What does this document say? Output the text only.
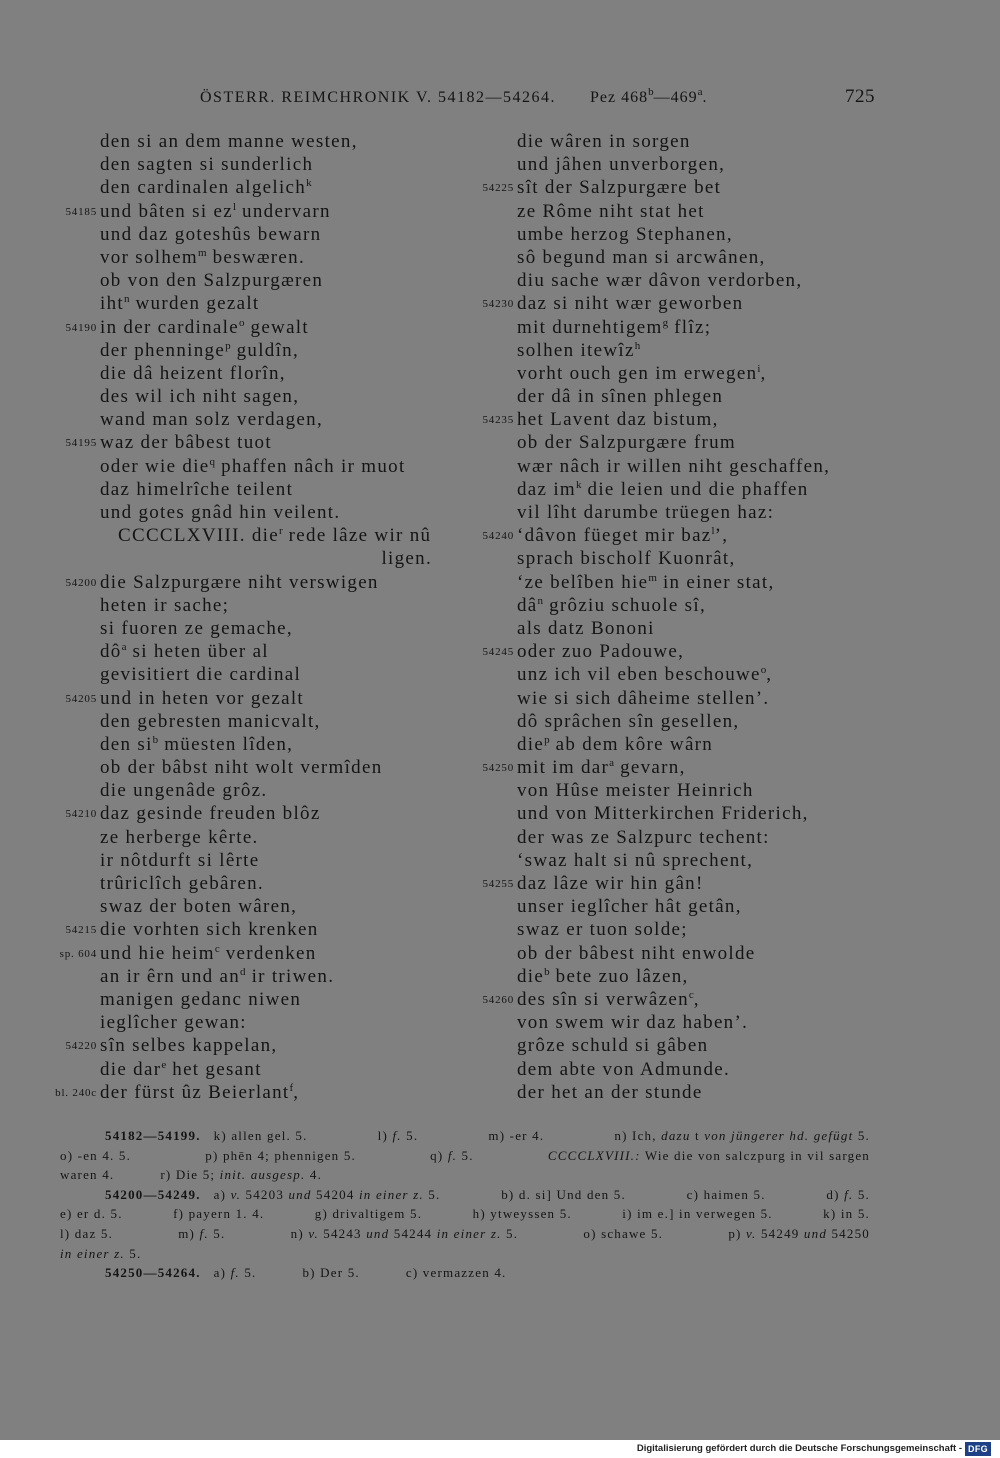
ÖSTERR. REIMCHRONIK V. 54182—54264. Pez 468$^b$—469$^a$.	725
den si an dem manne westen,
den sagten si sunderlich
den cardinalen algelich$^k$
54185 und bâten si $ez^l$ undervarn
und daz goteshûs bewarn
vor solhem$^m$ beswæren.
ob von den Salzpurgæren
iht$^n$ wurden gezalt
54190 in der cardinale$^o$ gewalt
der phenninge$^p$ guldîn,
die dâ heizent florîn,
des wil ich niht sagen,
wand man solz verdagen,
54195 waz der bâbest tuot
oder wie die$^q$ phaffen nâch ir muot
daz himelrîche teilent
und gotes gnâd hin veilent.
CCCCLXVIII. die$^r$ rede lâze wir nû
ligen.
54200 die Salzpurgære niht verswigen
heten ir sache;
si fuoren ze gemache,
$dô^a$ si heten über al
gevisitiert die cardinal
54205 und in heten vor gezalt
den gebresten manicvalt,
den $si^b$ müesten lîden,
ob der bâbst niht wolt vermîden
die ungenâde grôz.
54210 daz gesinde freuden blôz
ze herberge kêrte.
ir nôtdurft si lêrte
trûriclîch gebâren.
swaz der boten wâren,
54215 die vorhten sich krenken
sp. 604 und hie heim$^c$ verdenken
an ir êrn und $an^d$ ir triwen.
manigen gedanc niwen
ieglîcher gewan:
54220 sîn selbes kappelan,
die dar$^e$ het gesant
bl. 240c der fürst ûz Beierlant$^f$,
die wâren in sorgen
und jâhen unverborgen,
54225 sît der Salzpurgære bet
ze Rôme niht stat het
umbe herzog Stephanen,
sô begund man si arcwânen,
diu sache wær dâvon verdorben,
54230 daz si niht wær geworben
mit durnehtigem$^g$ flîz;
solhen itewîz$^h$
vorht ouch gen im erwegen$^i$,
der dâ in sînen phlegen
54235 het Lavent daz bistum,
ob der Salzpurgære frum
wær nâch ir willen niht geschaffen,
daz $im^k$ die leien und die phaffen
vil lîht darumbe trüegen haz:
54240 ‘dâvon füeget mir baz$^l$’,
sprach bischolf Kuonrât,
‘ze belîben hie$^m$ in einer stat,
$dâ^n$ grôziu schuole sî,
als datz Bononi
54245 oder zuo Padouwe,
unz ich vil eben beschouwe$^o$,
wie si sich dâheime stellen’.
dô sprâchen sîn gesellen,
die$^p$ ab dem kôre wârn
54250 mit im dar$^a$ gevarn,
von Hûse meister Heinrich
und von Mitterkirchen Friderich,
der was ze Salzpurc techent:
‘swaz halt si nû sprechent,
54255 daz lâze wir hin gân!
unser ieglîcher hât getân,
swaz er tuon solde;
ob der bâbest niht enwolde
die$^b$ bete zuo lâzen,
54260 des sîn si verwâzen$^c$,
von swem wir daz haben’.
grôze schuld si gâben
dem abte von Admunde.
der het an der stunde
54182—54199. k) allen gel. 5.	l) f. 5.	m) -er 4.	n) Ich, dazu t von jüngerer hd. gefügt 5.
o) -en 4. 5.	p) phēn 4; phennigen 5.	q) f. 5.	CCCCLXVIII.: Wie die von salczpurg in vil sargen
waren 4.	r) Die 5; init. ausgesp. 4.
54200—54249. a) v. 54203 und 54204 in einer z. 5.	b) d. si] Und den 5.	c) haimen 5.	d) f. 5.
e) er d. 5.	f) payern 1. 4.	g) drivaltigem 5.	h) ytweyssen 5.	i) im e.] in verwegen 5.	k) in 5.
l) daz 5.	m) f. 5.	n) v. 54243 und 54244 in einer z. 5.	o) schawe 5.	p) v. 54249 und 54250
in einer z. 5.
54250—54264. a) f. 5.	b) Der 5.	c) vermazzen 4.
Digitalisierung gefördert durch die Deutsche Forschungsgemeinschaft - DFG
